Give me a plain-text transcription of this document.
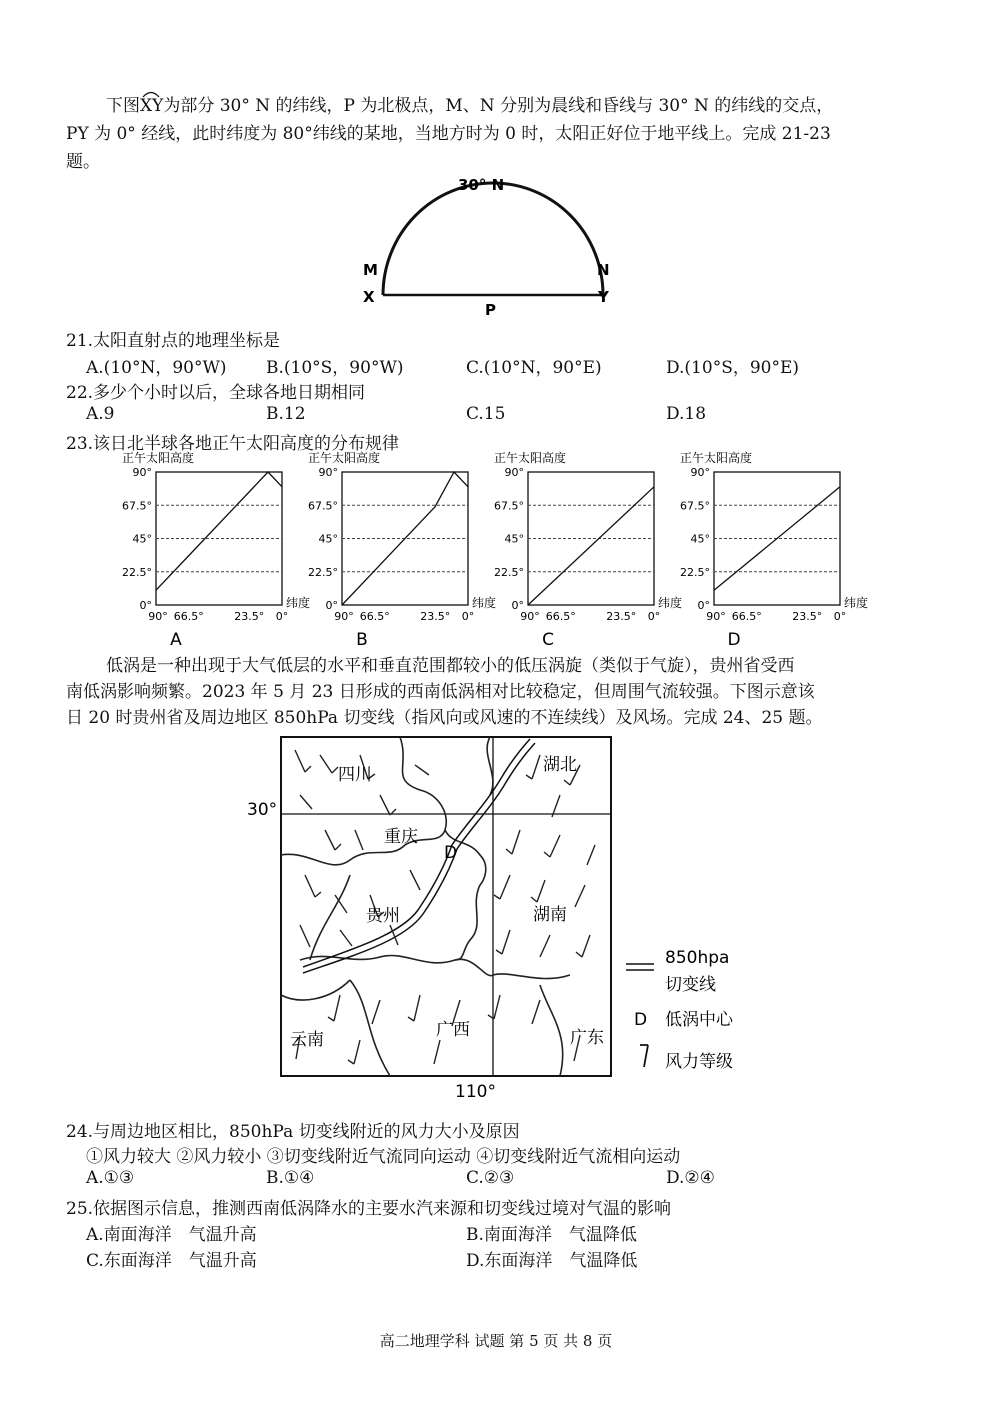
下图
XY为部分 30° N 的纬线，P 为北极点，M、N 分别为晨线和昏线与 30° N 的纬线的交点，
PY 为 0° 经线，此时纬度为 80°纬线的某地，当地方时为 0 时，太阳正好位于地平线上。完成 21-23
题。
30° N
M	N
X	Y
P
21.太阳直射点的地理坐标是
A.(10°N，90°W) B.(10°S，90°W)	C.(10°N，90°E)	D.(10°S，90°E)
22.多少个小时以后，全球各地日期相同
A.9	B.12	C.15	D.18
23.该日北半球各地正午太阳高度的分布规律
正午太阳高度
90°
67.5°
45°
22.5°
0°
90° 66.5°	23.5° 0°
纬度
A
正午太阳高度
90°
67.5°
45°
22.5°
0°
90° 66.5°	23.5° 0°
纬度
B
正午太阳高度
90°
67.5°
45°
22.5°
0°
90° 66.5°	23.5° 0°
纬度
C
正午太阳高度
90°
67.5°
45°
22.5°
0°
90° 66.5°	23.5° 0°
纬度
D
低涡是一种出现于大气低层的水平和垂直范围都较小的低压涡旋（类似于气旋），贵州省受西
南低涡影响频繁。2023 年 5 月 23 日形成的西南低涡相对比较稳定，但周围气流较强。下图示意该
日 20 时贵州省及周边地区 850hPa 切变线（指风向或风速的不连续线）及风场。完成 24、25 题。
30°
110°
四川	湖北
重庆
贵州	湖南
云南	广西	广东
D
850hpa
切变线
D 低涡中心
风力等级
24.与周边地区相比，850hPa 切变线附近的风力大小及原因
①风力较大 ②风力较小 ③切变线附近气流同向运动 ④切变线附近气流相向运动
A.①③	B.①④	C.②③	D.②④
25.依据图示信息，推测西南低涡降水的主要水汽来源和切变线过境对气温的影响
A.南面海洋　气温升高	B.南面海洋　气温降低
C.东面海洋　气温升高	D.东面海洋　气温降低
高二地理学科 试题 第 5 页 共 8 页
